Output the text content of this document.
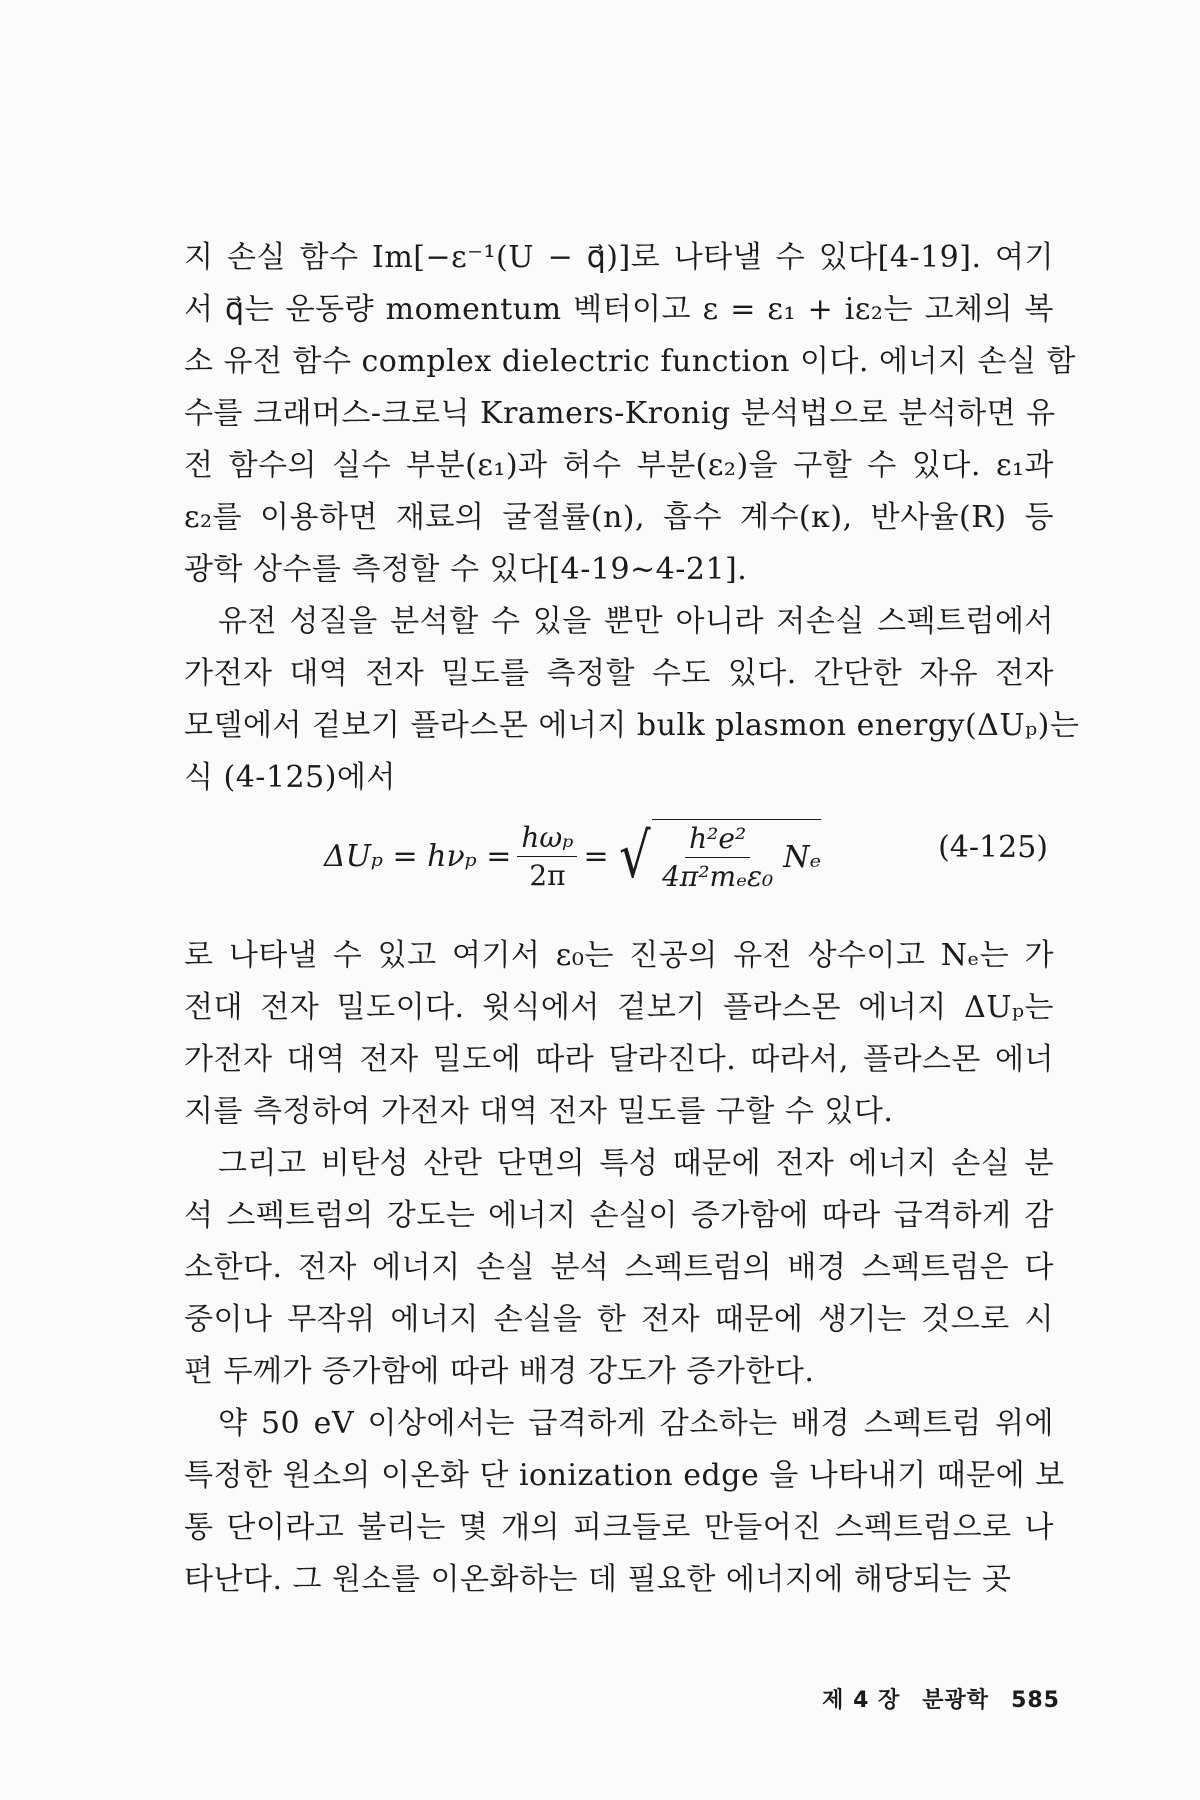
지 손실 함수 Im[−ε⁻¹(U − q⃗)]로 나타낼 수 있다[4-19]. 여기
서 q⃗는 운동량 momentum 벡터이고 ε = ε₁ + iε₂는 고체의 복
소 유전 함수 complex dielectric function 이다. 에너지 손실 함
수를 크래머스-크로닉 Kramers-Kronig 분석법으로 분석하면 유
전 함수의 실수 부분(ε₁)과 허수 부분(ε₂)을 구할 수 있다. ε₁과
ε₂를 이용하면 재료의 굴절률(n), 흡수 계수(κ), 반사율(R) 등
광학 상수를 측정할 수 있다[4-19~4-21].
유전 성질을 분석할 수 있을 뿐만 아니라 저손실 스펙트럼에서
가전자 대역 전자 밀도를 측정할 수도 있다. 간단한 자유 전자
모델에서 겉보기 플라스몬 에너지 bulk plasmon energy(ΔUₚ)는
식 (4-125)에서
$\Delta U_p = h\nu_p = \frac{\text{hωₚ}}{2\pi}$ = √ $\frac{\text{h²e²}}{\text{4π²mₑε₀}}$ Nₑ	(4-125)
로 나타낼 수 있고 여기서 ε₀는 진공의 유전 상수이고 Nₑ는 가
전대 전자 밀도이다. 윗식에서 겉보기 플라스몬 에너지 ΔUₚ는
가전자 대역 전자 밀도에 따라 달라진다. 따라서, 플라스몬 에너
지를 측정하여 가전자 대역 전자 밀도를 구할 수 있다.
그리고 비탄성 산란 단면의 특성 때문에 전자 에너지 손실 분
석 스펙트럼의 강도는 에너지 손실이 증가함에 따라 급격하게 감
소한다. 전자 에너지 손실 분석 스펙트럼의 배경 스펙트럼은 다
중이나 무작위 에너지 손실을 한 전자 때문에 생기는 것으로 시
편 두께가 증가함에 따라 배경 강도가 증가한다.
약 50 eV 이상에서는 급격하게 감소하는 배경 스펙트럼 위에
특정한 원소의 이온화 단 ionization edge 을 나타내기 때문에 보
통 단이라고 불리는 몇 개의 피크들로 만들어진 스펙트럼으로 나
타난다. 그 원소를 이온화하는 데 필요한 에너지에 해당되는 곳
제 4 장 분광학 585
